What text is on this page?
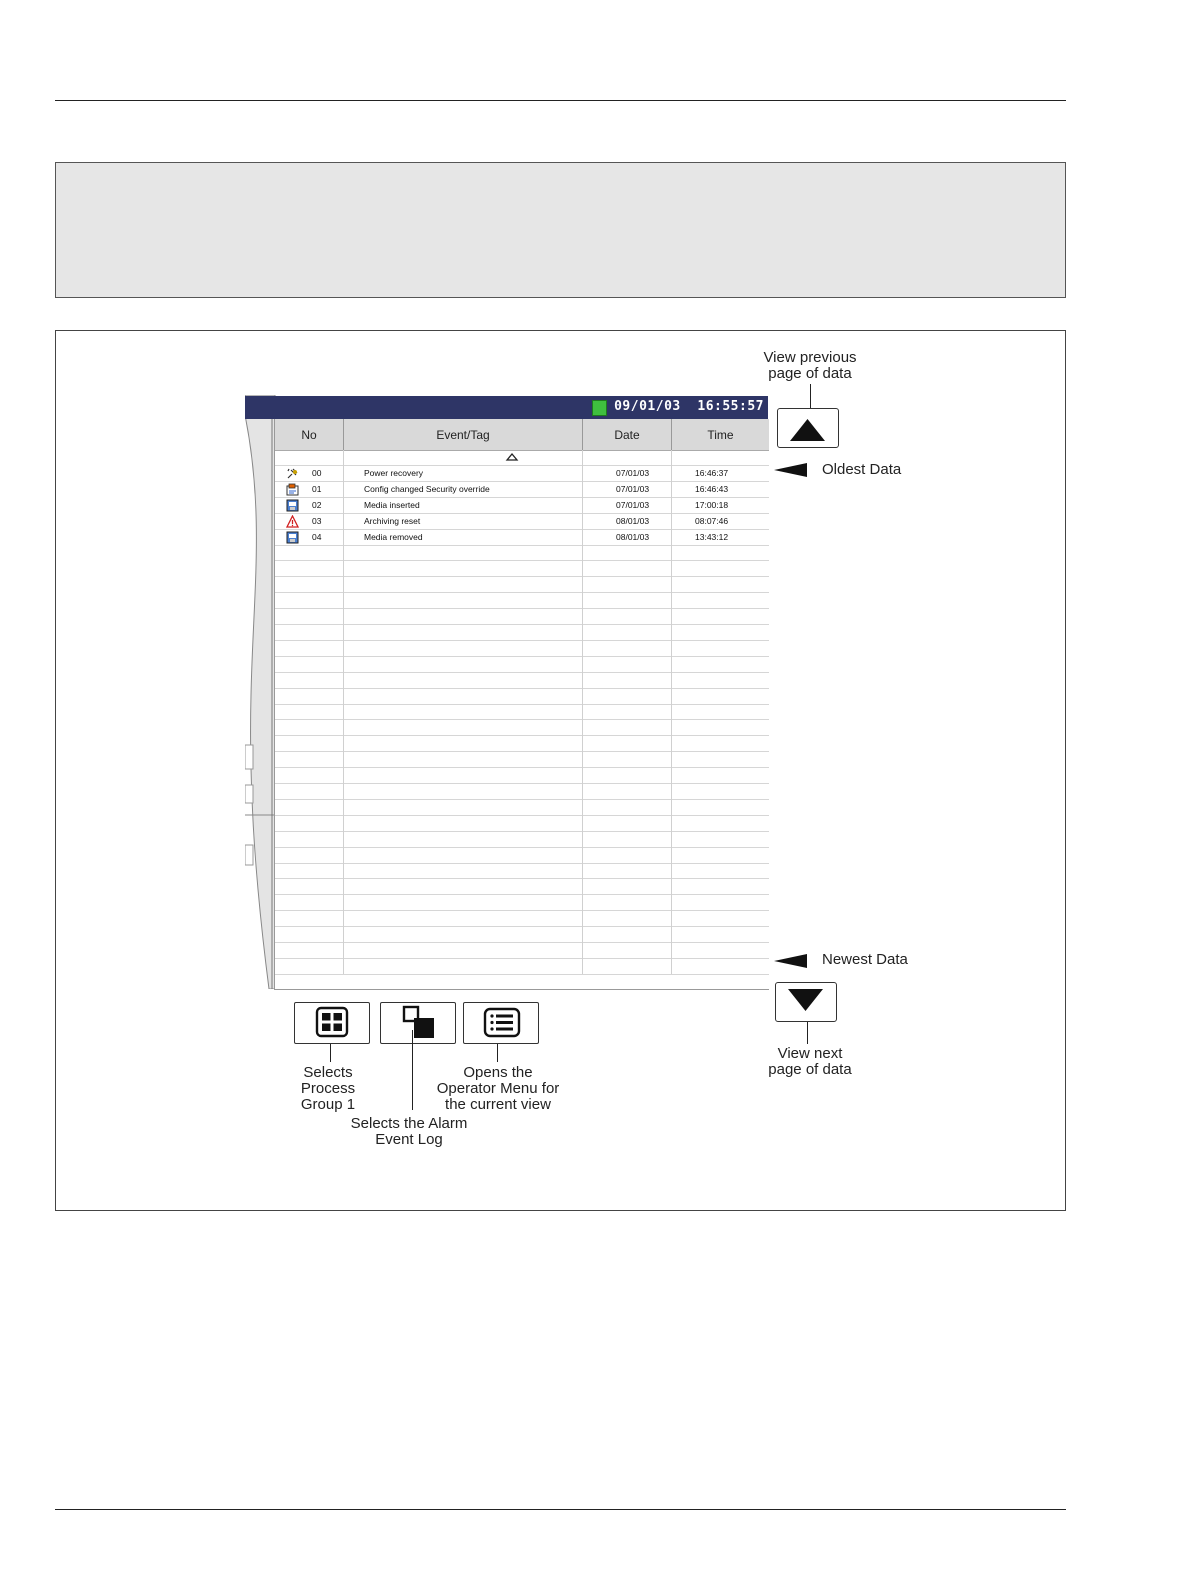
09/01/03  16:55:57
No	Event/Tag	Date	Time
00	Power recovery	07/01/03	16:46:37
01	Config changed Security override	07/01/03	16:46:43
02	Media inserted	07/01/03	17:00:18
03	Archiving reset	08/01/03	08:07:46
04	Media removed	08/01/03	13:43:12
View previous
page of data
Oldest Data
Newest Data
View next
page of data
Selects
Process
Group 1
Opens the
Operator Menu for
the current view
Selects the Alarm
Event Log
